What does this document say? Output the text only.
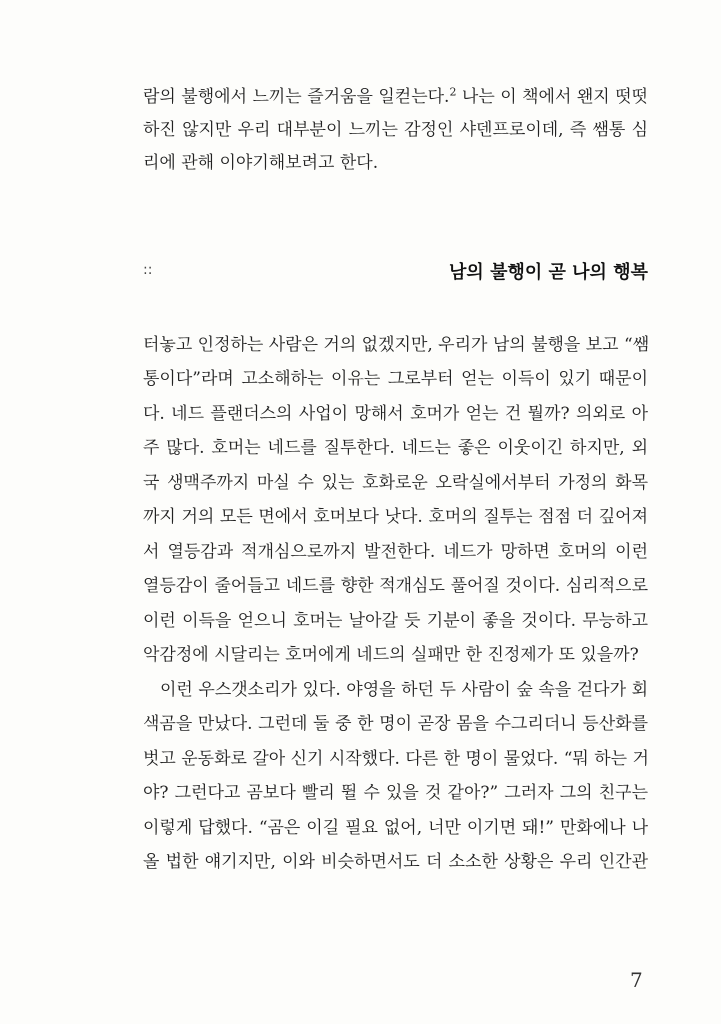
람의 불행에서 느끼는 즐거움을 일컫는다.$^2$ 나는 이 책에서 왠지 떳떳
하진 않지만 우리 대부분이 느끼는 감정인 샤덴프로이데, 즉 쌤통 심
리에 관해 이야기해보려고 한다.
::	남의 불행이 곧 나의 행복
터놓고 인정하는 사람은 거의 없겠지만, 우리가 남의 불행을 보고 “쌤
통이다”라며 고소해하는 이유는 그로부터 얻는 이득이 있기 때문이
다. 네드 플랜더스의 사업이 망해서 호머가 얻는 건 뭘까? 의외로 아
주 많다. 호머는 네드를 질투한다. 네드는 좋은 이웃이긴 하지만, 외
국 생맥주까지 마실 수 있는 호화로운 오락실에서부터 가정의 화목
까지 거의 모든 면에서 호머보다 낫다. 호머의 질투는 점점 더 깊어져
서 열등감과 적개심으로까지 발전한다. 네드가 망하면 호머의 이런
열등감이 줄어들고 네드를 향한 적개심도 풀어질 것이다. 심리적으로
이런 이득을 얻으니 호머는 날아갈 듯 기분이 좋을 것이다. 무능하고
악감정에 시달리는 호머에게 네드의 실패만 한 진정제가 또 있을까?
이런 우스갯소리가 있다. 야영을 하던 두 사람이 숲 속을 걷다가 회
색곰을 만났다. 그런데 둘 중 한 명이 곧장 몸을 수그리더니 등산화를
벗고 운동화로 갈아 신기 시작했다. 다른 한 명이 물었다. “뭐 하는 거
야? 그런다고 곰보다 빨리 뛸 수 있을 것 같아?” 그러자 그의 친구는
이렇게 답했다. “곰은 이길 필요 없어, 너만 이기면 돼!” 만화에나 나
올 법한 얘기지만, 이와 비슷하면서도 더 소소한 상황은 우리 인간관
7
